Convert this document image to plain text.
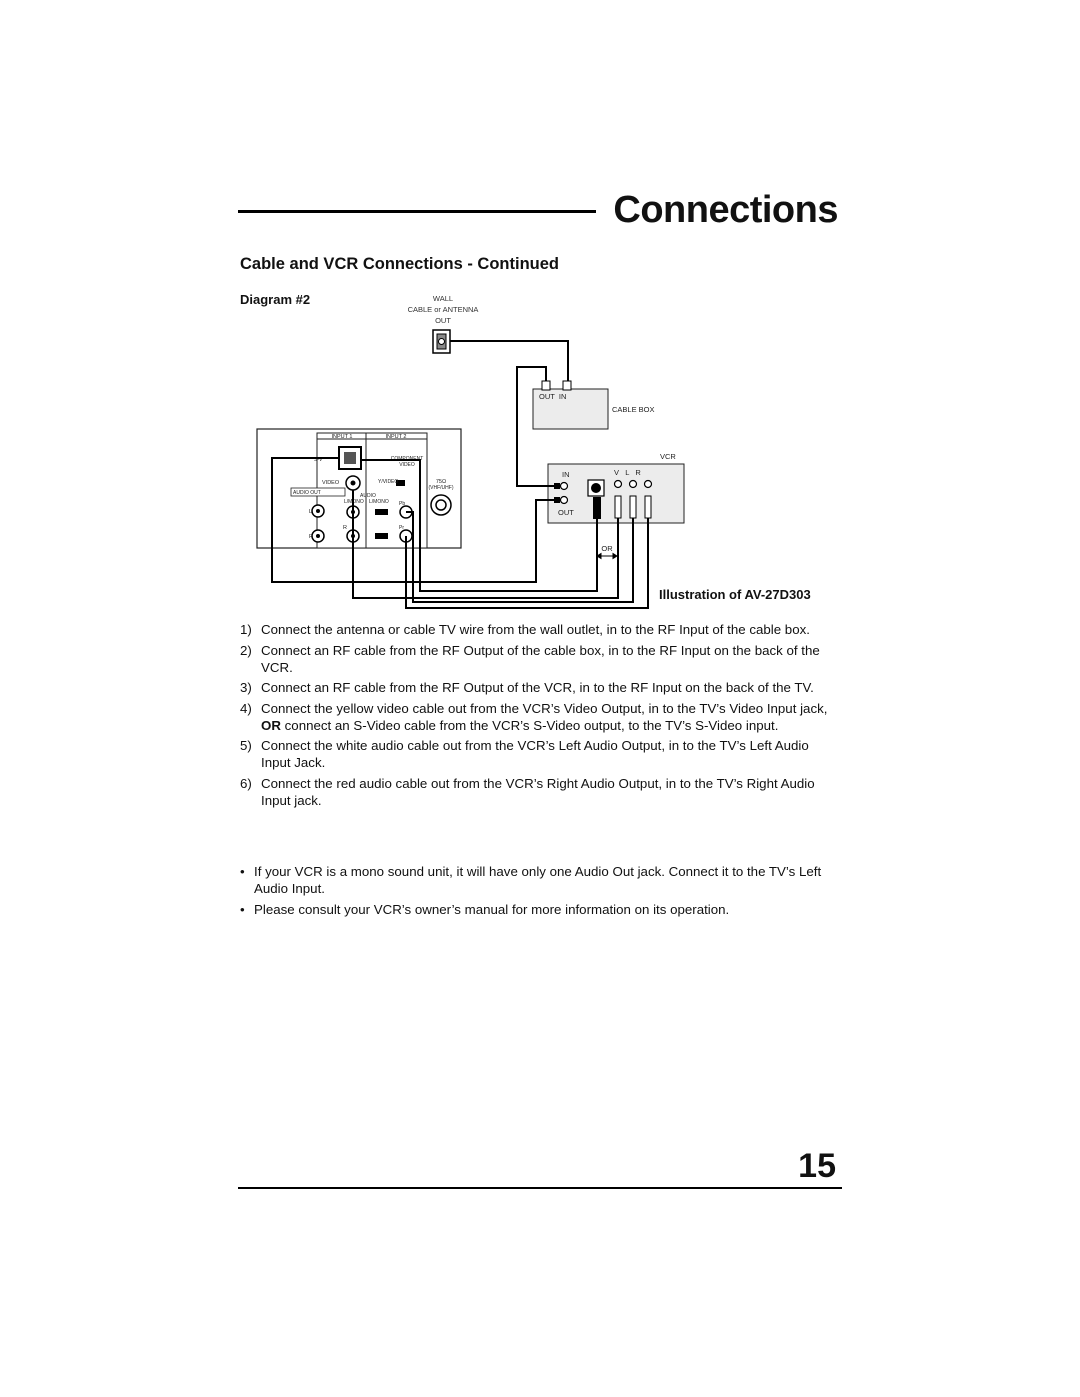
Connections
Cable and VCR Connections - Continued
Diagram #2	WALL
CABLE or ANTENNA
OUT
OUT  IN
CABLE BOX
INPUT 1	INPUT 2
COMPONENT
VIDEO
S-V
VIDEO
AUDIO OUT	AUDIO
L/MONO L/MONO
Y/VIDEO	75Ω
(VHF/UHF)
L
R
R
Pb
Pr
VCR
IN
OUT
V   L   R
OR
Illustration of AV-27D303
1) Connect the antenna or cable TV wire from the wall outlet, in to the RF Input of the cable box.
2) Connect an RF cable from the RF Output of the cable box, in to the RF Input on the back of the VCR.
3) Connect an RF cable from the RF Output of the VCR, in to the RF Input on the back of the TV.
4) Connect the yellow video cable out from the VCR’s Video Output, in to the TV’s Video Input jack, OR connect an S-Video cable from the VCR’s S-Video output, to the TV’s S-Video input.
5) Connect the white audio cable out from the VCR’s Left Audio Output, in to the TV’s Left Audio Input Jack.
6) Connect the red audio cable out from the VCR’s Right Audio Output, in to the TV’s Right Audio Input jack.
• If your VCR is a mono sound unit, it will have only one Audio Out jack. Connect it to the TV’s Left Audio Input.
• Please consult your VCR’s owner’s manual for more information on its operation.
15
